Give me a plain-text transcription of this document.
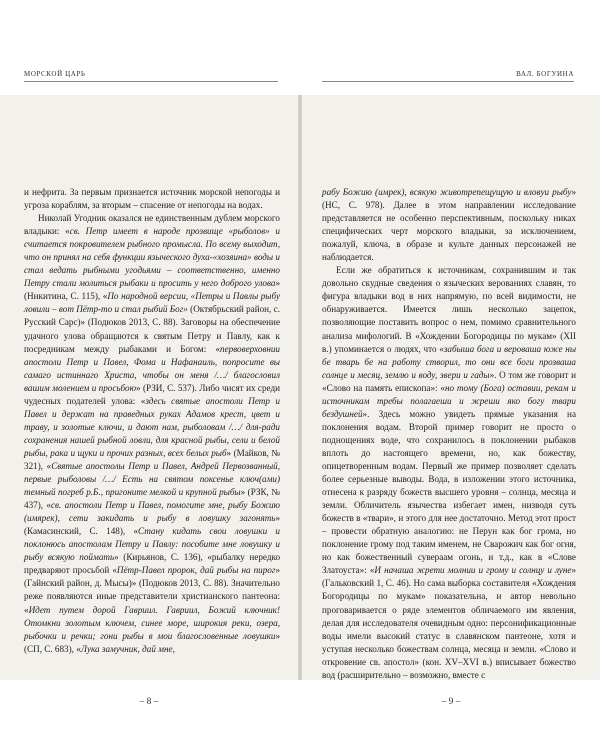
МОРСКОЙ ЦАРЬ

и нефрита. За первым признается источник морской непогоды и угроза кораблям, за вторым – спасение от непогоды на водах.

Николай Угодник оказался не единственным дублем морского владыки: «св. Петр имеет в народе прозвище «рыболов» и считается покровителем рыбного промысла. По всему выходит, что он принял на себя функции языческого духа-«хозяина» воды и стал ведать рыбными угодьями – соответственно, именно Петру стали молиться рыбаки и просить у него доброго улова» (Никитина, С. 115), «По народной версии, «Петры и Павлы рыбу ловили – вот Пётр-то и стал рыбий Бог» (Октябрьский район, с. Русский Сарс)» (Подюков 2013, С. 88). Заговоры на обеспечение удачного улова обращаются к святым Петру и Павлу, как к посредникам между рыбаками и Богом: «первоверховнии апостоли Петр и Павел, Фома и Нафанаиль, попросите вы самаго истиннаго Христа, чтобы он меня /…/ благословил вашим молением и просьбою» (РЗИ, С. 537). Либо чисят их среди чудесных подателей улова: «здесь святые апостоли Петр и Павел и держат на праведных руках Адамов крест, цвет и траву, и золотые ключи, и дают нам, рыболовам /…/ для-ради сохранения нашей рыбной ловли, для красной рыбы, сели и белой рыбы, рака и щуки и прочих разных, всех белых рыб» (Майков, № 321), «Святые апостолы Петр и Павел, Андрей Первозванный, первые рыболовы /…/ Есть на святом поксенье ключ(ами) темный погреб р.Б., пригоните мелкой и крупной рыбы» (РЗК, № 437), «св. апостоли Петр и Павел, помогите мне, рыбу Божию (имярек), сети закидать и рыбу в ловушку загонять» (Камасинский, С. 148), «Стану кидать свои ловушки и поклонюсь апостолам Петру и Павлу: пособите мне ловушку и рыбу всякую поймать» (Кирьянов, С. 136), «рыбалку нередко предваряют просьбой «Пётр-Павел пророк, дай рыбы на пирог» (Гайнский район, д. Мысы)» (Подюков 2013, С. 88). Значительно реже появляются иные представители христианского пантеона: «Идет путем дорой Гавриил. Гавриил, Божий ключник! Отомкни золотым ключем, синее море, широкия реки, озера, рыбочки и речки; гони рыбы в мои благословенные ловушки» (СП, С. 683), «Лука замучник, дай мне,

– 8 –
ВАЛ. БОГУИНА

рабу Божию (имрек), всякую животрепещущую и вловуи рыбу» (НС, С. 978). Далее в этом направлении исследование представляется не особенно перспективным, поскольку никах специфических черт морского владыки, за исключением, пожалуй, ключа, в образе и культе данных персонажей не наблюдается.

Если же обратиться к источникам, сохранившим и так довольно скудные сведения о языческих верованиях славян, то фигура владыки вод в них напрямую, по всей видимости, не обнаруживается. Имеется лишь несколько зацепок, позволяющие поставить вопрос о нем, помимо сравнительного анализа мифологий. В «Хождении Богородицы по мукам» (XII в.) упоминается о людях, что «забыша бога и вероваша юже ны бе тварь бе на работу створил, то они все боги прозваша солнце и месяц, землю и воду, звери и гады». О том же говорит и «Слово на память епископа»: «но тому (Бога) оставии, рекам и источникам требы полагаеши и жреши яко богу твари бездушней». Здесь можно увидеть прямые указания на поклонения водам. Второй пример говорит не просто о поднощениях воде, что сохранилось в поклонении рыбаков вплоть до настоящего времени, но, как божеству, опицетворенным водам. Первый же пример позволяет сделать более серьезные выводы. Вода, в изложении этого источника, отнесена к разряду божеств высшего уровня – солнца, месяца и земли. Обличитель язычества избегает имен, низводя суть божеств в «твари», и этого для нее достаточно. Метод этот прост – провести обратную аналогию: не Перун как бог грома, но поклонение грому под таким именем, не Сварожич как бог огня, но как божественный сувераам огонь, и т.д., как в «Слове Златоуста»: «И начаша жрети молнии и грому и солнцу и луне» (Гальковский 1, С. 46). Но сама выборка составителя «Хождения Богородицы по мукам» показательна, и автор невольно проговаривается о ряде элементов обличаемого им явления, делая для исследователя очевидным одно: персонификационные воды имели высокий статус в славянском пантеоне, хотя и уступая несколько божествам солнца, месяца и земли. «Слово и откровение св. апостол» (кон. XV–XVI в.) вписывает божество вод (расширительно – возможно, вместе с

– 9 –
